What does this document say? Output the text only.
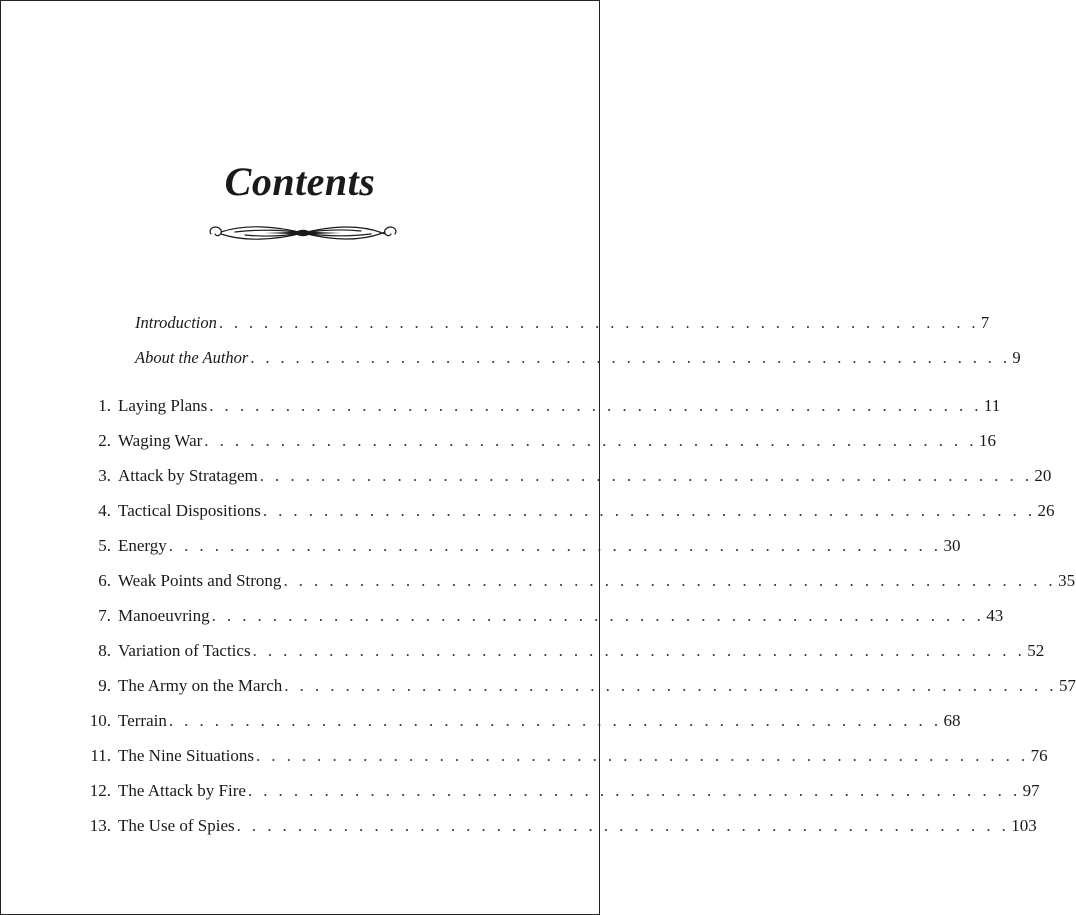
Contents
Introduction . . . . . . . . . . . . . . . . . . . . . . . . . . . . . . . . . . . . . . . . . . . . . . . . . . . 7
About the Author . . . . . . . . . . . . . . . . . . . . . . . . . . . . . . . . . . . . . . . . . . . . . . . . . . . 9
1. Laying Plans . . . . . . . . . . . . . . . . . . . . . . . . . . . . . . . . . . . . . . . . . . . . . . . . . . . 11
2. Waging War . . . . . . . . . . . . . . . . . . . . . . . . . . . . . . . . . . . . . . . . . . . . . . . . . . . 16
3. Attack by Stratagem . . . . . . . . . . . . . . . . . . . . . . . . . . . . . . . . . . . . . . . . . . . . . . . . . . . 20
4. Tactical Dispositions . . . . . . . . . . . . . . . . . . . . . . . . . . . . . . . . . . . . . . . . . . . . . . . . . . . 26
5. Energy . . . . . . . . . . . . . . . . . . . . . . . . . . . . . . . . . . . . . . . . . . . . . . . . . . . 30
6. Weak Points and Strong . . . . . . . . . . . . . . . . . . . . . . . . . . . . . . . . . . . . . . . . . . . . . . . . . . . 35
7. Manoeuvring . . . . . . . . . . . . . . . . . . . . . . . . . . . . . . . . . . . . . . . . . . . . . . . . . . . 43
8. Variation of Tactics . . . . . . . . . . . . . . . . . . . . . . . . . . . . . . . . . . . . . . . . . . . . . . . . . . . 52
9. The Army on the March . . . . . . . . . . . . . . . . . . . . . . . . . . . . . . . . . . . . . . . . . . . . . . . . . . . 57
10. Terrain . . . . . . . . . . . . . . . . . . . . . . . . . . . . . . . . . . . . . . . . . . . . . . . . . . . 68
11. The Nine Situations . . . . . . . . . . . . . . . . . . . . . . . . . . . . . . . . . . . . . . . . . . . . . . . . . . . 76
12. The Attack by Fire . . . . . . . . . . . . . . . . . . . . . . . . . . . . . . . . . . . . . . . . . . . . . . . . . . . 97
13. The Use of Spies . . . . . . . . . . . . . . . . . . . . . . . . . . . . . . . . . . . . . . . . . . . . . . . . . . . 103
